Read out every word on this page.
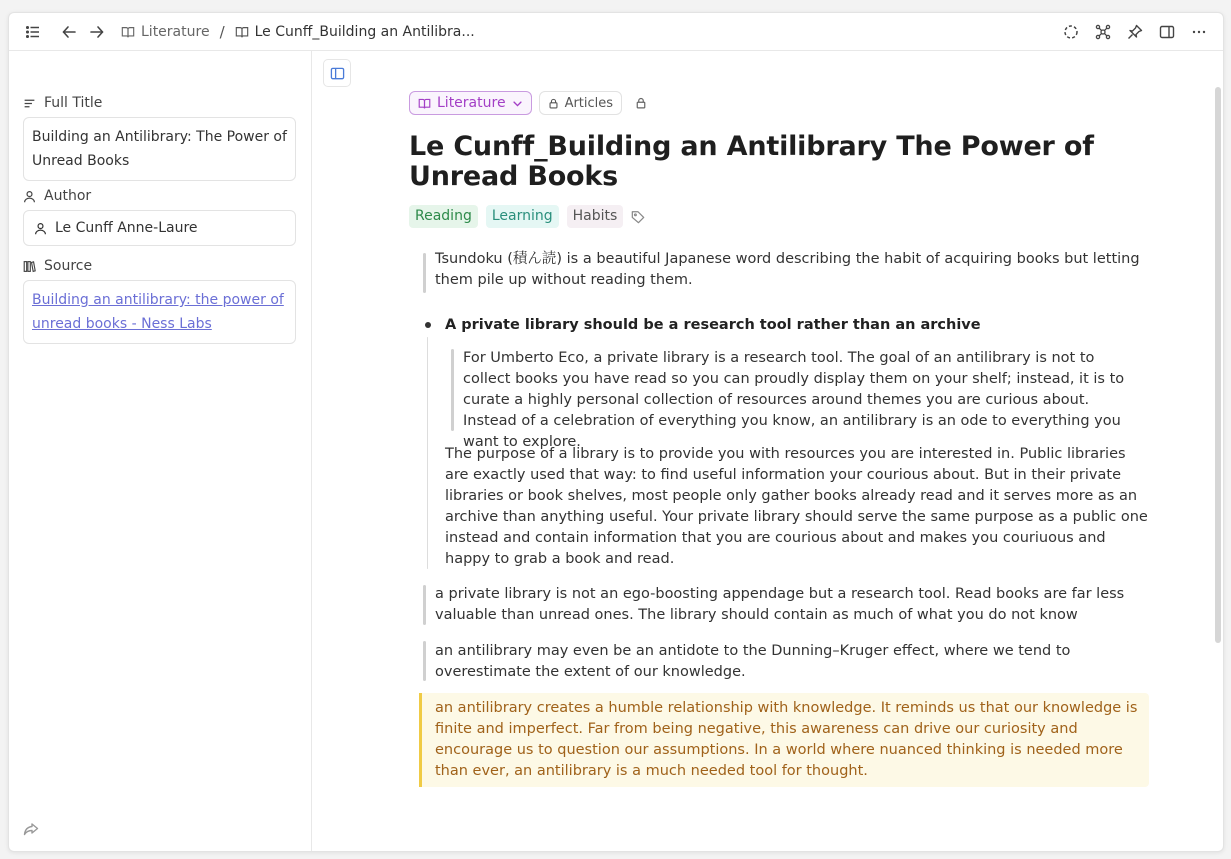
Literature / Le Cunff_Building an Antilibra...
Full Title
Building an Antilibrary: The Power of Unread Books
Author
Le Cunff Anne-Laure
Source
Building an antilibrary: the power of unread books - Ness Labs
Literature	Articles
Le Cunff_Building an Antilibrary The Power of Unread Books
Reading	Learning	Habits
Tsundoku (積ん読) is a beautiful Japanese word describing the habit of acquiring books but letting them pile up without reading them.
A private library should be a research tool rather than an archive
For Umberto Eco, a private library is a research tool. The goal of an antilibrary is not to collect books you have read so you can proudly display them on your shelf; instead, it is to curate a highly personal collection of resources around themes you are curious about. Instead of a celebration of everything you know, an antilibrary is an ode to everything you want to explore.
The purpose of a library is to provide you with resources you are interested in. Public libraries are exactly used that way: to find useful information your courious about. But in their private libraries or book shelves, most people only gather books already read and it serves more as an archive than anything useful. Your private library should serve the same purpose as a public one instead and contain information that you are courious about and makes you couriuous and happy to grab a book and read.
a private library is not an ego-boosting appendage but a research tool. Read books are far less valuable than unread ones. The library should contain as much of what you do not know
an antilibrary may even be an antidote to the Dunning–Kruger effect, where we tend to overestimate the extent of our knowledge.
an antilibrary creates a humble relationship with knowledge. It reminds us that our knowledge is finite and imperfect. Far from being negative, this awareness can drive our curiosity and encourage us to question our assumptions. In a world where nuanced thinking is needed more than ever, an antilibrary is a much needed tool for thought.
